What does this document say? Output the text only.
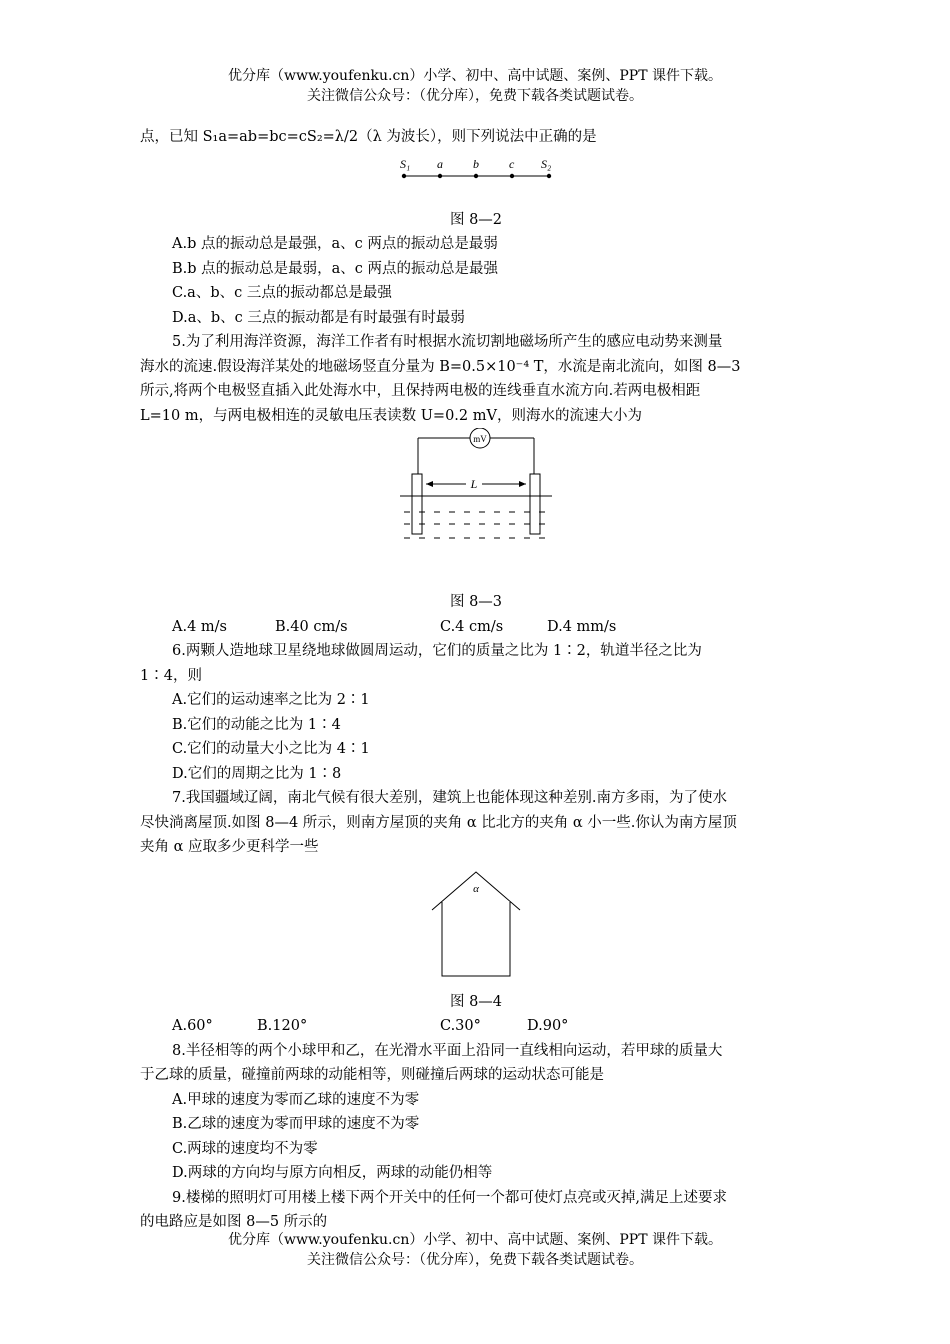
优分库（www.youfenku.cn）小学、初中、高中试题、案例、PPT 课件下载。
关注微信公众号：（优分库），免费下载各类试题试卷。

点，已知 S₁a=ab=bc=cS₂=λ/2（λ 为波长），则下列说法中正确的是

S₁ a	b	c S₂

图 8—2

A.b 点的振动总是最强，a、c 两点的振动总是最弱

B.b 点的振动总是最弱，a、c 两点的振动总是最强

C.a、b、c 三点的振动都总是最强

D.a、b、c 三点的振动都是有时最强有时最弱

5.为了利用海洋资源，海洋工作者有时根据水流切割地磁场所产生的感应电动势来测量

海水的流速.假设海洋某处的地磁场竖直分量为 B=0.5×10⁻⁴ T，水流是南北流向，如图 8—3

所示,将两个电极竖直插入此处海水中，且保持两电极的连线垂直水流方向.若两电极相距

L=10 m，与两电极相连的灵敏电压表读数 U=0.2 mV，则海水的流速大小为

mV
L

图 8—3

A.4 m/s	B.40 cm/s	C.4 cm/s	D.4 mm/s

6.两颗人造地球卫星绕地球做圆周运动，它们的质量之比为 1∶2，轨道半径之比为

1∶4，则

A.它们的运动速率之比为 2∶1

B.它们的动能之比为 1∶4

C.它们的动量大小之比为 4∶1

D.它们的周期之比为 1∶8

7.我国疆域辽阔，南北气候有很大差别，建筑上也能体现这种差别.南方多雨，为了使水

尽快淌离屋顶.如图 8—4 所示，则南方屋顶的夹角 α 比北方的夹角 α 小一些.你认为南方屋顶

夹角 α 应取多少更科学一些

α

图 8—4

A.60°	B.120°	C.30°	D.90°

8.半径相等的两个小球甲和乙，在光滑水平面上沿同一直线相向运动，若甲球的质量大

于乙球的质量，碰撞前两球的动能相等，则碰撞后两球的运动状态可能是

A.甲球的速度为零而乙球的速度不为零

B.乙球的速度为零而甲球的速度不为零

C.两球的速度均不为零

D.两球的方向均与原方向相反，两球的动能仍相等

9.楼梯的照明灯可用楼上楼下两个开关中的任何一个都可使灯点亮或灭掉,满足上述要求

的电路应是如图 8—5 所示的

优分库（www.youfenku.cn）小学、初中、高中试题、案例、PPT 课件下载。
关注微信公众号：（优分库），免费下载各类试题试卷。
